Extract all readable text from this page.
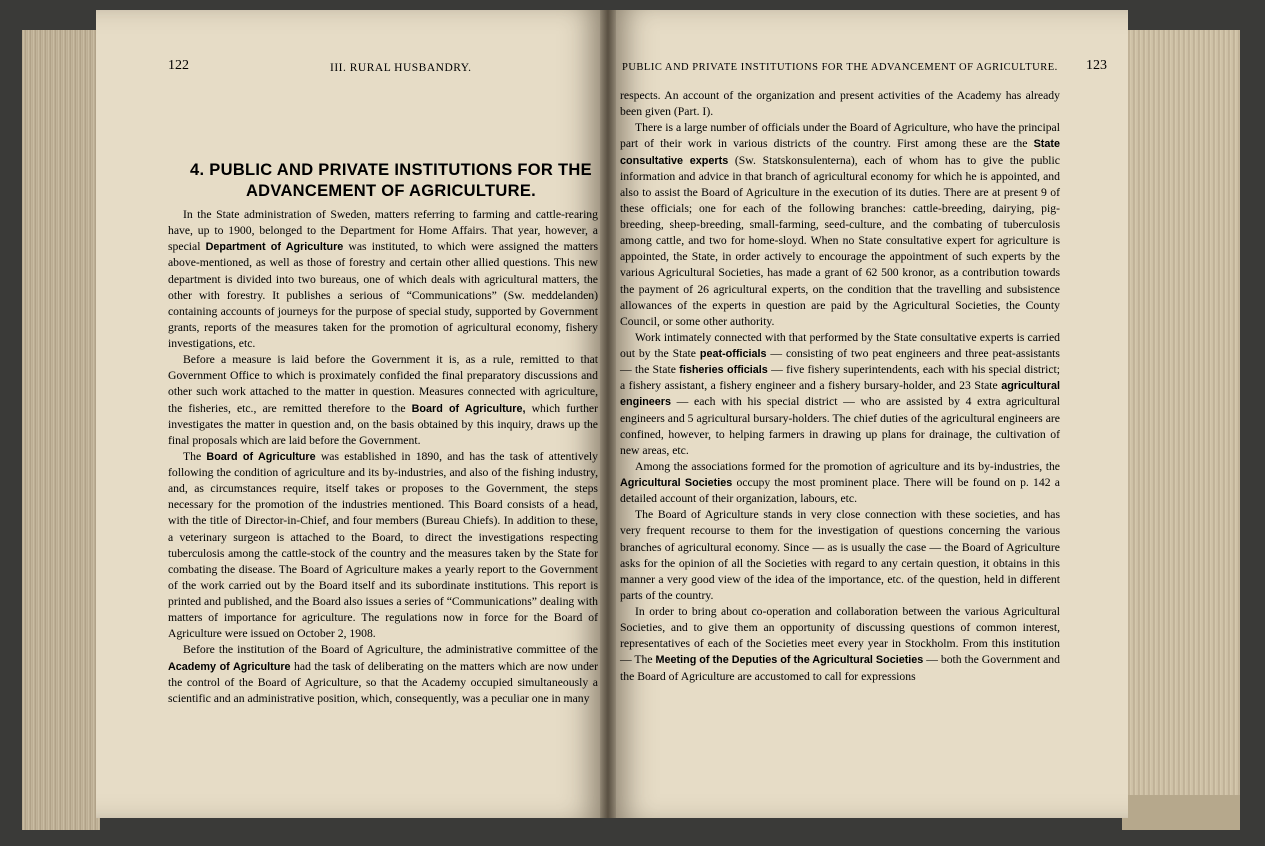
122	III. RURAL HUSBANDRY.
4. PUBLIC AND PRIVATE INSTITUTIONS FOR THE ADVANCEMENT OF AGRICULTURE.

In the State administration of Sweden, matters referring to farming and cattle-rearing have, up to 1900, belonged to the Department for Home Affairs. That year, however, a special Department of Agriculture was instituted, to which were assigned the matters above-mentioned, as well as those of forestry and certain other allied questions. This new department is divided into two bureaus, one of which deals with agricultural matters, the other with forestry. It publishes a serious of “Communications” (Sw. meddelanden) containing accounts of journeys for the purpose of special study, supported by Government grants, reports of the measures taken for the promotion of agricultural economy, fishery investigations, etc.

Before a measure is laid before the Government it is, as a rule, remitted to that Government Office to which is proximately confided the final preparatory discussions and other such work attached to the matter in question. Measures connected with agriculture, the fisheries, etc., are remitted therefore to the Board of Agriculture, which further investigates the matter in question and, on the basis obtained by this inquiry, draws up the final proposals which are laid before the Government.

The Board of Agriculture was established in 1890, and has the task of attentively following the condition of agriculture and its by-industries, and also of the fishing industry, and, as circumstances require, itself takes or proposes to the Government, the steps necessary for the promotion of the industries mentioned. This Board consists of a head, with the title of Director-in-Chief, and four members (Bureau Chiefs). In addition to these, a veterinary surgeon is attached to the Board, to direct the investigations respecting tuberculosis among the cattle-stock of the country and the measures taken by the State for combating the disease. The Board of Agriculture makes a yearly report to the Government of the work carried out by the Board itself and its subordinate institutions. This report is printed and published, and the Board also issues a series of “Communications” dealing with matters of importance for agriculture. The regulations now in force for the Board of Agriculture were issued on October 2, 1908.

Before the institution of the Board of Agriculture, the administrative committee of the Academy of Agriculture had the task of deliberating on the matters which are now under the control of the Board of Agriculture, so that the Academy occupied simultaneously a scientific and an administrative position, which, consequently, was a peculiar one in many

PUBLIC AND PRIVATE INSTITUTIONS FOR THE ADVANCEMENT OF AGRICULTURE. 123

respects. An account of the organization and present activities of the Academy has already been given (Part. I).

There is a large number of officials under the Board of Agriculture, who have the principal part of their work in various districts of the country. First among these are the State consultative experts (Sw. Statskonsulenterna), each of whom has to give the public information and advice in that branch of agricultural economy for which he is appointed, and also to assist the Board of Agriculture in the execution of its duties. There are at present 9 of these officials; one for each of the following branches: cattle-breeding, dairying, pig-breeding, sheep-breeding, small-farming, seed-culture, and the combating of tuberculosis among cattle, and two for home-sloyd. When no State consultative expert for agriculture is appointed, the State, in order actively to encourage the appointment of such experts by the various Agricultural Societies, has made a grant of 62 500 kronor, as a contribution towards the payment of 26 agricultural experts, on the condition that the travelling and subsistence allowances of the experts in question are paid by the Agricultural Societies, the County Council, or some other authority.

Work intimately connected with that performed by the State consultative experts is carried out by the State peat-officials — consisting of two peat engineers and three peat-assistants — the State fisheries officials — five fishery superintendents, each with his special district; a fishery assistant, a fishery engineer and a fishery bursary-holder, and 23 State agricultural engineers — each with his special district — who are assisted by 4 extra agricultural engineers and 5 agricultural bursary-holders. The chief duties of the agricultural engineers are confined, however, to helping farmers in drawing up plans for drainage, the cultivation of new areas, etc.

Among the associations formed for the promotion of agriculture and its by-industries, the Agricultural Societies occupy the most prominent place. There will be found on p. 142 a detailed account of their organization, labours, etc.

The Board of Agriculture stands in very close connection with these societies, and has very frequent recourse to them for the investigation of questions concerning the various branches of agricultural economy. Since — as is usually the case — the Board of Agriculture asks for the opinion of all the Societies with regard to any certain question, it obtains in this manner a very good view of the idea of the importance, etc. of the question, held in different parts of the country.

In order to bring about co-operation and collaboration between the various Agricultural Societies, and to give them an opportunity of discussing questions of common interest, representatives of each of the Societies meet every year in Stockholm. From this institution — The Meeting of the Deputies of the Agricultural Societies — both the Government and the Board of Agriculture are accustomed to call for expressions
